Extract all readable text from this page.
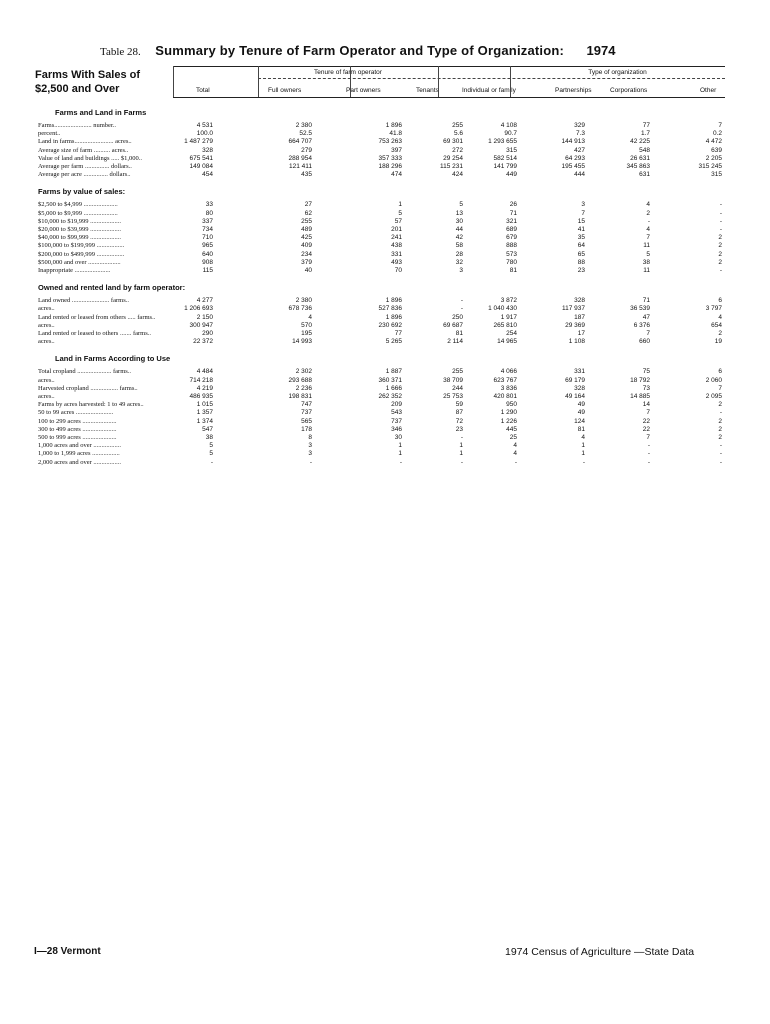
Table 28. Summary by Tenure of Farm Operator and Type of Organization: 1974
Farms With Sales of
$2,500 and Over
Tenure of farm operator	Type of organization
Total	Full owners	Part owners	Tenants	Individual or family	Partnerships	Corporations	Other
Farms and Land in Farms
Farms....................... number..	4 531	2 380	1 896	255	4 108	329	77	7
percent..	100.0	52.5	41.8	5.6	90.7	7.3	1.7	0.2
Land in farms........................ acres..	1 487 279	664 707	753 263	69 301	1 293 655	144 913	42 225	4 472
Average size of farm .......... acres..	328	279	397	272	315	427	548	639
Value of land and buildings ..... $1,000..	675 541	288 954	357 333	29 254	582 514	64 293	26 631	2 205
Average per farm ............... dollars..	149 084	121 411	188 296	115 231	141 799	195 455	345 863	315 245
Average per acre ............... dollars..	454	435	474	424	449	444	631	315
Farms by value of sales:
$2,500 to $4,999 .....................	33	27	1	5	26	3	4	-
$5,000 to $9,999 .....................	80	62	5	13	71	7	2	-
$10,000 to $19,999 ...................	337	255	57	30	321	15	-	-
$20,000 to $39,999 ...................	734	489	201	44	689	41	4	-
$40,000 to $99,999 ...................	710	425	241	42	679	35	7	2
$100,000 to $199,999 .................	965	409	438	58	888	64	11	2
$200,000 to $499,999 .................	640	234	331	28	573	65	5	2
$500,000 and over ....................	908	379	493	32	780	88	38	2
Inappropriate ......................	115	40	70	3	81	23	11	-
Owned and rented land by farm operator:
Land owned ....................... farms..	4 277	2 380	1 896	-	3 872	328	71	6
acres..	1 206 693	678 736	527 836	-	1 040 430	117 937	36 539	3 797
Land rented or leased from others ..... farms..	2 150	4	1 896	250	1 917	187	47	4
acres..	300 947	570	230 692	69 687	265 810	29 369	6 376	654
Land rented or leased to others ....... farms..	290	195	77	81	254	17	7	2
acres..	22 372	14 993	5 265	2 114	14 965	1 108	660	19
Land in Farms According to Use
Total cropland ..................... farms..	4 484	2 302	1 887	255	4 066	331	75	6
acres..	714 218	293 688	360 371	38 709	623 767	69 179	18 792	2 060
Harvested cropland ................. farms..	4 219	2 236	1 666	244	3 836	328	73	7
acres..	486 935	198 831	262 352	25 753	420 801	49 164	14 885	2 095
Farms by acres harvested: 1 to 49 acres..	1 015	747	209	59	950	49	14	2
50 to 99 acres .......................	1 357	737	543	87	1 290	49	7	-
100 to 299 acres .....................	1 374	565	737	72	1 226	124	22	2
300 to 499 acres .....................	547	178	346	23	445	81	22	2
500 to 999 acres .....................	38	8	30	-	25	4	7	2
1,000 acres and over .................	5	3	1	1	4	1	-	-
1,000 to 1,999 acres .................	5	3	1	1	4	1	-	-
2,000 acres and over .................	-	-	-	-	-	-	-	-
I—28 Vermont	1974 Census of Agriculture —State Data
